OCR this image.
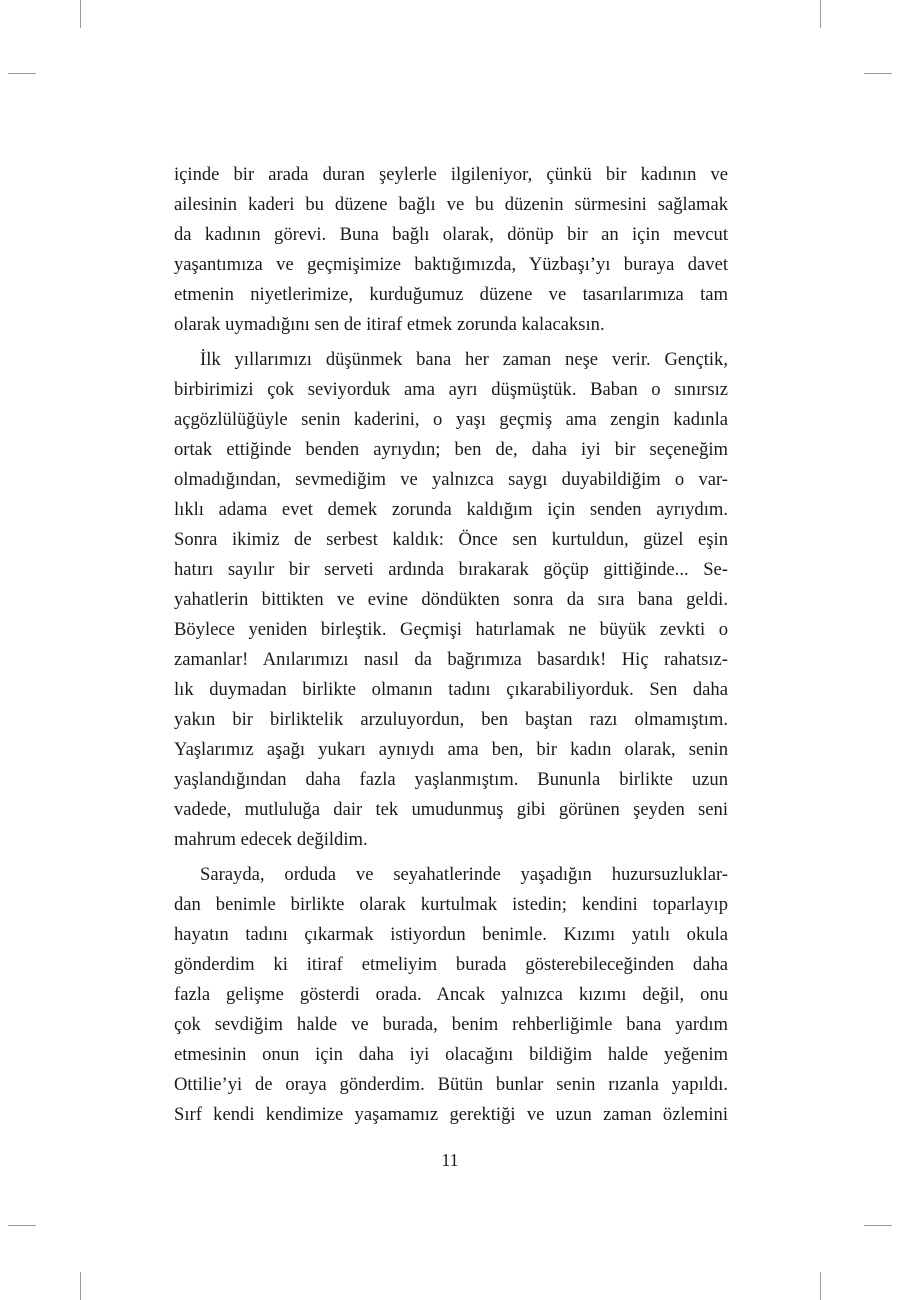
içinde bir arada duran şeylerle ilgileniyor, çünkü bir kadının ve
ailesinin kaderi bu düzene bağlı ve bu düzenin sürmesini sağlamak
da kadının görevi. Buna bağlı olarak, dönüp bir an için mevcut
yaşantımıza ve geçmişimize baktığımızda, Yüzbaşı’yı buraya davet
etmenin niyetlerimize, kurduğumuz düzene ve tasarılarımıza tam
olarak uymadığını sen de itiraf etmek zorunda kalacaksın.

İlk yıllarımızı düşünmek bana her zaman neşe verir. Gençtik,
birbirimizi çok seviyorduk ama ayrı düşmüştük. Baban o sınırsız
açgözlülüğüyle senin kaderini, o yaşı geçmiş ama zengin kadınla
ortak ettiğinde benden ayrıydın; ben de, daha iyi bir seçeneğim
olmadığından, sevmediğim ve yalnızca saygı duyabildiğim o var-
lıklı adama evet demek zorunda kaldığım için senden ayrıydım.
Sonra ikimiz de serbest kaldık: Önce sen kurtuldun, güzel eşin
hatırı sayılır bir serveti ardında bırakarak göçüp gittiğinde... Se-
yahatlerin bittikten ve evine döndükten sonra da sıra bana geldi.
Böylece yeniden birleştik. Geçmişi hatırlamak ne büyük zevkti o
zamanlar! Anılarımızı nasıl da bağrımıza basardık! Hiç rahatsız-
lık duymadan birlikte olmanın tadını çıkarabiliyorduk. Sen daha
yakın bir birliktelik arzuluyordun, ben baştan razı olmamıştım.
Yaşlarımız aşağı yukarı aynıydı ama ben, bir kadın olarak, senin
yaşlandığından daha fazla yaşlanmıştım. Bununla birlikte uzun
vadede, mutluluğa dair tek umudunmuş gibi görünen şeyden seni
mahrum edecek değildim.

Sarayda, orduda ve seyahatlerinde yaşadığın huzursuzluklar-
dan benimle birlikte olarak kurtulmak istedin; kendini toparlayıp
hayatın tadını çıkarmak istiyordun benimle. Kızımı yatılı okula
gönderdim ki itiraf etmeliyim burada gösterebileceğinden daha
fazla gelişme gösterdi orada. Ancak yalnızca kızımı değil, onu
çok sevdiğim halde ve burada, benim rehberliğimle bana yardım
etmesinin onun için daha iyi olacağını bildiğim halde yeğenim
Ottilie’yi de oraya gönderdim. Bütün bunlar senin rızanla yapıldı.
Sırf kendi kendimize yaşamamız gerektiği ve uzun zaman özlemini

11
